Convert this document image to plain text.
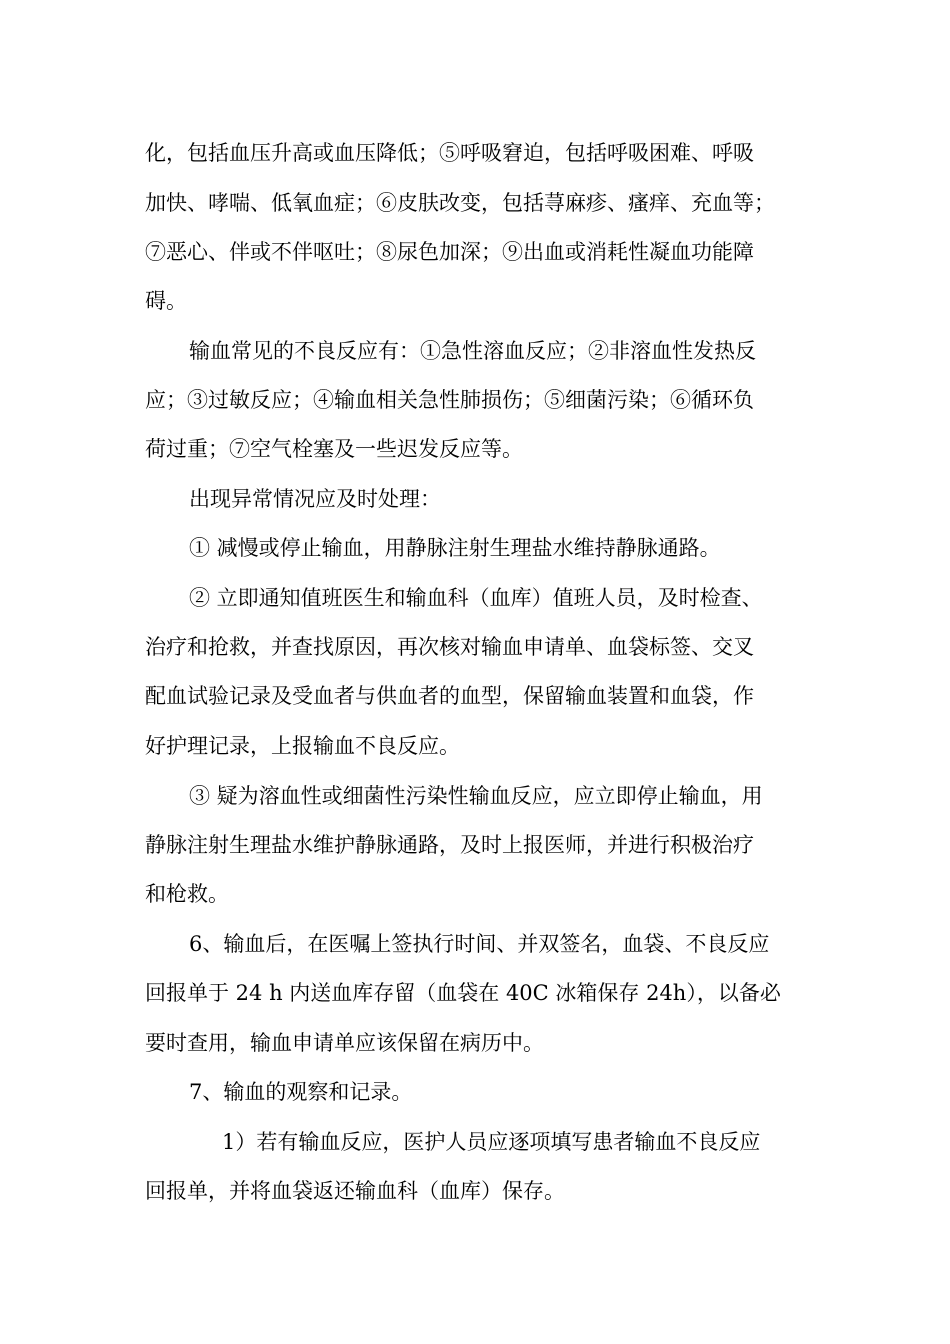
化，包括血压升高或血压降低；⑤呼吸窘迫，包括呼吸困难、呼吸
加快、哮喘、低氧血症；⑥皮肤改变，包括荨麻疹、瘙痒、充血等；
⑦恶心、伴或不伴呕吐；⑧尿色加深；⑨出血或消耗性凝血功能障
碍。
输血常见的不良反应有：①急性溶血反应；②非溶血性发热反
应；③过敏反应；④输血相关急性肺损伤；⑤细菌污染；⑥循环负
荷过重；⑦空气栓塞及一些迟发反应等。
出现异常情况应及时处理：
① 减慢或停止输血，用静脉注射生理盐水维持静脉通路。
② 立即通知值班医生和输血科（血库）值班人员，及时检查、
治疗和抢救，并查找原因，再次核对输血申请单、血袋标签、交叉
配血试验记录及受血者与供血者的血型，保留输血装置和血袋，作
好护理记录，上报输血不良反应。
③ 疑为溶血性或细菌性污染性输血反应，应立即停止输血，用
静脉注射生理盐水维护静脉通路，及时上报医师，并进行积极治疗
和枪救。
6、输血后，在医嘱上签执行时间、并双签名，血袋、不良反应
回报单于 24 h 内送血库存留（血袋在 40C 冰箱保存 24h），以备必
要时查用，输血申请单应该保留在病历中。
7、输血的观察和记录。
1）若有输血反应，医护人员应逐项填写患者输血不良反应
回报单，并将血袋返还输血科（血库）保存。
